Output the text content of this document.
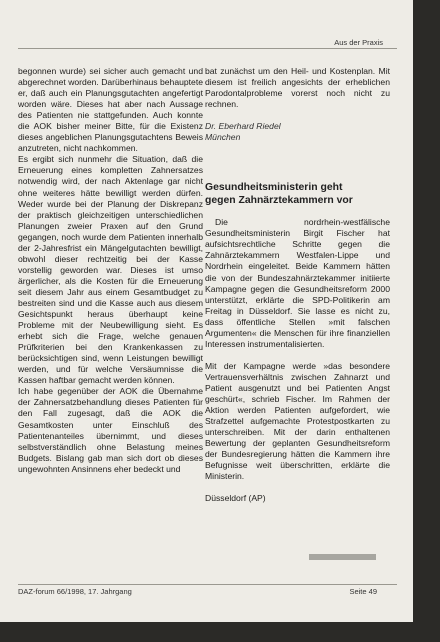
Aus der Praxis

begonnen wurde) sei sicher auch gemacht und abgerechnet worden. Darüberhinaus behauptete er, daß auch ein Planungsgutachten angefertigt worden wäre. Dieses hat aber nach Aussage des Patienten nie stattgefunden. Auch konnte die AOK bisher meiner Bitte, für die Existenz dieses angeblichen Planungsgutachtens Beweis anzutreten, nicht nachkommen.

Es ergibt sich nunmehr die Situation, daß die Erneuerung eines kompletten Zahnersatzes notwendig wird, der nach Aktenlage gar nicht ohne weiteres hätte bewilligt werden dürfen. Weder wurde bei der Planung der Diskrepanz der praktisch gleichzeitigen unterschiedlichen Planungen zweier Praxen auf den Grund gegangen, noch wurde dem Patienten innerhalb der 2-Jahresfrist ein Mängelgutachten bewilligt, obwohl dieser rechtzeitig bei der Kasse vorstellig geworden war. Dieses ist umso ärgerlicher, als die Kosten für die Erneuerung seit diesem Jahr aus einem Gesamtbudget zu bestreiten sind und die Kasse auch aus diesem Gesichtspunkt heraus überhaupt keine Probleme mit der Neubewilligung sieht. Es erhebt sich die Frage, welche genauen Prüfkriterien bei den Krankenkassen zu berücksichtigen sind, wenn Leistungen bewilligt werden, und für welche Versäumnisse die Kassen haftbar gemacht werden können.

Ich habe gegenüber der AOK die Übernahme der Zahnersatzbehandlung dieses Patienten für den Fall zugesagt, daß die AOK die Gesamtkosten unter Einschluß des Patientenanteiles übernimmt, und dieses selbstverständlich ohne Belastung meines Budgets. Bislang gab man sich dort ob dieses ungewohnten Ansinnens eher bedeckt und

bat zunächst um den Heil- und Kostenplan. Mit diesem ist freilich angesichts der erheblichen Parodontalprobleme vorerst noch nicht zu rechnen.

Dr. Eberhard Riedel
München
Gesundheitsministerin geht
gegen Zahnärztekammern vor

Die nordrhein-westfälische Gesundheitsministerin Birgit Fischer hat aufsichtsrechtliche Schritte gegen die Zahnärztekammern Westfalen-Lippe und Nordrhein eingeleitet. Beide Kammern hätten die von der Bundeszahnärztekammer initiierte Kampagne gegen die Gesundheitsreform 2000 unterstützt, erklärte die SPD-Politikerin am Freitag in Düsseldorf. Sie lasse es nicht zu, dass öffentliche Stellen »mit falschen Argumenten« die Menschen für ihre finanziellen Interessen instrumentalisierten.

Mit der Kampagne werde »das besondere Vertrauensverhältnis zwischen Zahnarzt und Patient ausgenutzt und bei Patienten Angst geschürt«, schrieb Fischer. Im Rahmen der Aktion werden Patienten aufgefordert, wie Strafzettel aufgemachte Protestpostkarten zu unterschreiben. Mit der darin enthaltenen Bewertung der geplanten Gesundheitsreform der Bundesregierung hätten die Kammern ihre Befugnisse weit überschritten, erklärte die Ministerin.

Düsseldorf (AP)

DAZ-forum 66/1998, 17. Jahrgang	Seite 49
